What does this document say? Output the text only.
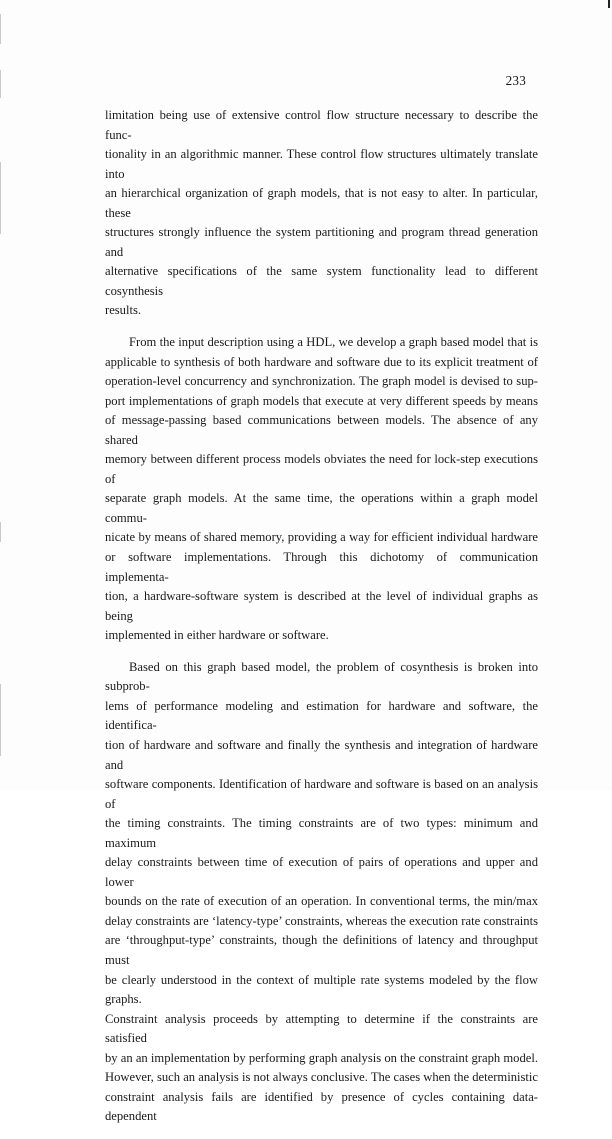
233

limitation being use of extensive control flow structure necessary to describe the func-
tionality in an algorithmic manner. These control flow structures ultimately translate into
an hierarchical organization of graph models, that is not easy to alter. In particular, these
structures strongly influence the system partitioning and program thread generation and
alternative specifications of the same system functionality lead to different cosynthesis
results.

From the input description using a HDL, we develop a graph based model that is
applicable to synthesis of both hardware and software due to its explicit treatment of
operation-level concurrency and synchronization. The graph model is devised to sup-
port implementations of graph models that execute at very different speeds by means
of message-passing based communications between models. The absence of any shared
memory between different process models obviates the need for lock-step executions of
separate graph models. At the same time, the operations within a graph model commu-
nicate by means of shared memory, providing a way for efficient individual hardware
or software implementations. Through this dichotomy of communication implementa-
tion, a hardware-software system is described at the level of individual graphs as being
implemented in either hardware or software.

Based on this graph based model, the problem of cosynthesis is broken into subprob-
lems of performance modeling and estimation for hardware and software, the identifica-
tion of hardware and software and finally the synthesis and integration of hardware and
software components. Identification of hardware and software is based on an analysis of
the timing constraints. The timing constraints are of two types: minimum and maximum
delay constraints between time of execution of pairs of operations and upper and lower
bounds on the rate of execution of an operation. In conventional terms, the min/max
delay constraints are ‘latency-type’ constraints, whereas the execution rate constraints
are ‘throughput-type’ constraints, though the definitions of latency and throughput must
be clearly understood in the context of multiple rate systems modeled by the flow graphs.
Constraint analysis proceeds by attempting to determine if the constraints are satisfied
by an an implementation by performing graph analysis on the constraint graph model.
However, such an analysis is not always conclusive. The cases when the deterministic
constraint analysis fails are identified by presence of cycles containing data-dependent
